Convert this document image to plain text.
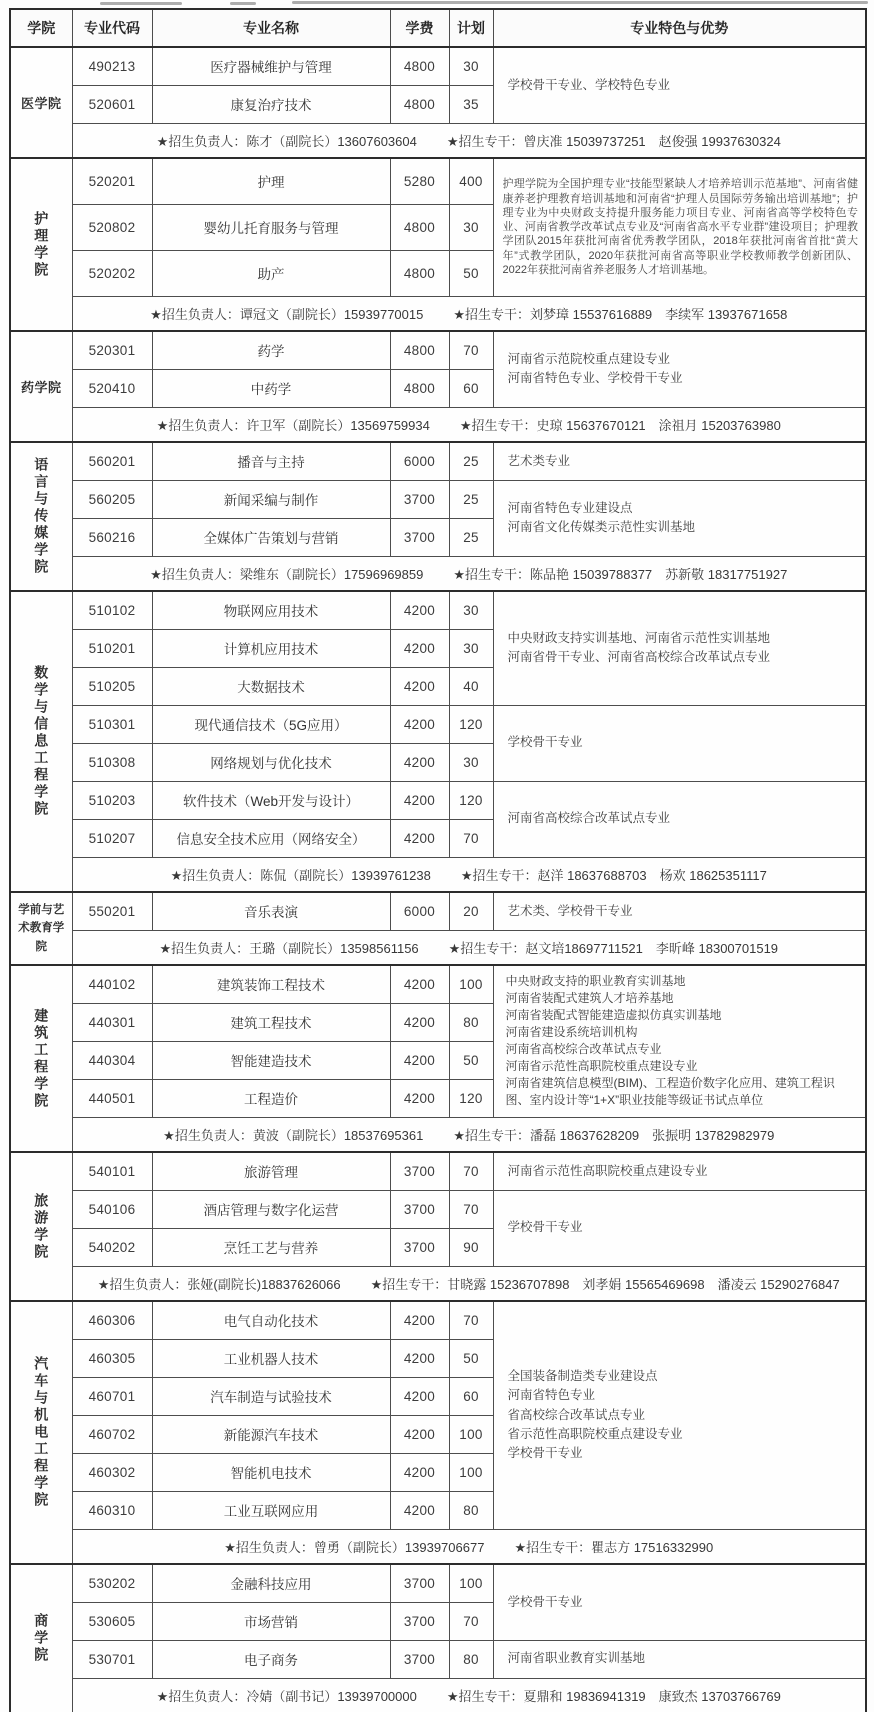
学院	专业代码	专业名称	学费	计划	专业特色与优势

医学院	490213	医疗器械维护与管理	4800	30	学校骨干专业、学校特色专业

	520601	康复治疗技术	4800	35	

	★招生负责人：陈才（副院长）13607603604 ★招生专干：曾庆准 15039737251　赵俊强 19937630324				

护理学院	520201	护理	5280	400	护理学院为全国护理专业“技能型紧缺人才培养培训示范基地”、河南省健康养老护理教育培训基地和河南省“护理人员国际劳务输出培训基地”；护理专业为中央财政支持提升服务能力项目专业、河南省高等学校特色专业、河南省教学改革试点专业及“河南省高水平专业群”建设项目；护理教学团队2015年获批河南省优秀教学团队，2018年获批河南省首批“黄大年”式教学团队，2020年获批河南省高等职业学校教师教学创新团队、2022年获批河南省养老服务人才培训基地。

	520802	婴幼儿托育服务与管理	4800	30	
	520202	助产	4800	50	

	★招生负责人：谭冠文（副院长）15939770015 ★招生专干：刘梦璋 15537616889　李续军 13937671658				

药学院	520301	药学	4800	70	河南省示范院校重点建设专业
河南省特色专业、学校骨干专业

	520410	中药学	4800	60	

	★招生负责人：许卫军（副院长）13569759934 ★招生专干：史琼 15637670121　涂祖月 15203763980				

语言与传媒学院	560201	播音与主持	6000	25	艺术类专业

	560205	新闻采编与制作	3700	25	河南省特色专业建设点
河南省文化传媒类示范性实训基地

	560216	全媒体广告策划与营销	3700	25	

	★招生负责人：梁维东（副院长）17596969859 ★招生专干：陈品艳 15039788377　苏新敬 18317751927				

数学与信息工程学院	510102	物联网应用技术	4200	30	中央财政支持实训基地、河南省示范性实训基地
河南省骨干专业、河南省高校综合改革试点专业

	510201	计算机应用技术	4200	30	
	510205	大数据技术	4200	40	
	510301	现代通信技术（5G应用）	4200	120	学校骨干专业

	510308	网络规划与优化技术	4200	30	
	510203	软件技术（Web开发与设计）	4200	120	河南省高校综合改革试点专业

	510207	信息安全技术应用（网络安全）	4200	70	

	★招生负责人：陈侃（副院长）13939761238 ★招生专干：赵洋 18637688703　杨欢 18625351117				

学前与艺术教育学院	550201	音乐表演	6000	20	艺术类、学校骨干专业

	★招生负责人：王璐（副院长）13598561156 ★招生专干：赵文培18697711521　李昕峰 18300701519				

建筑工程学院
	440102	建筑装饰工程技术	4200	100	中央财政支持的职业教育实训基地
河南省装配式建筑人才培养基地
河南省装配式智能建造虚拟仿真实训基地
河南省建设系统培训机构
河南省高校综合改革试点专业
河南省示范性高职院校重点建设专业
河南省建筑信息模型(BIM)、工程造价数字化应用、建筑工程识图、室内设计等“1+X”职业技能等级证书试点单位

	440301	建筑工程技术	4200	80	
	440304	智能建造技术	4200	50	
	440501	工程造价	4200	120	

	★招生负责人：黄波（副院长）18537695361 ★招生专干：潘磊 18637628209　张振明 13782982979				

旅游学院	540101	旅游管理	3700	70	河南省示范性高职院校重点建设专业

	540106	酒店管理与数字化运营	3700	70	学校骨干专业

	540202	烹饪工艺与营养	3700	90	

	★招生负责人：张娅(副院长)18837626066 ★招生专干：甘晓露 15236707898　刘孝娟 15565469698　潘凌云 15290276847				

汽车与机电工程学院	460306	电气自动化技术	4200	70	全国装备制造类专业建设点
河南省特色专业
省高校综合改革试点专业
省示范性高职院校重点建设专业
学校骨干专业

	460305	工业机器人技术	4200	50	
	460701	汽车制造与试验技术	4200	60	
	460702	新能源汽车技术	4200	100	
	460302	智能机电技术	4200	100	
	460310	工业互联网应用	4200	80	

	★招生负责人：曾勇（副院长）13939706677 ★招生专干：瞿志方 17516332990				

商学院	530202	金融科技应用	3700	100	学校骨干专业

	530605	市场营销	3700	70	
	530701	电子商务	3700	80	河南省职业教育实训基地

	★招生负责人：冷婧（副书记）13939700000 ★招生专干：夏鼎和 19836941319　康致杰 13703766769				
